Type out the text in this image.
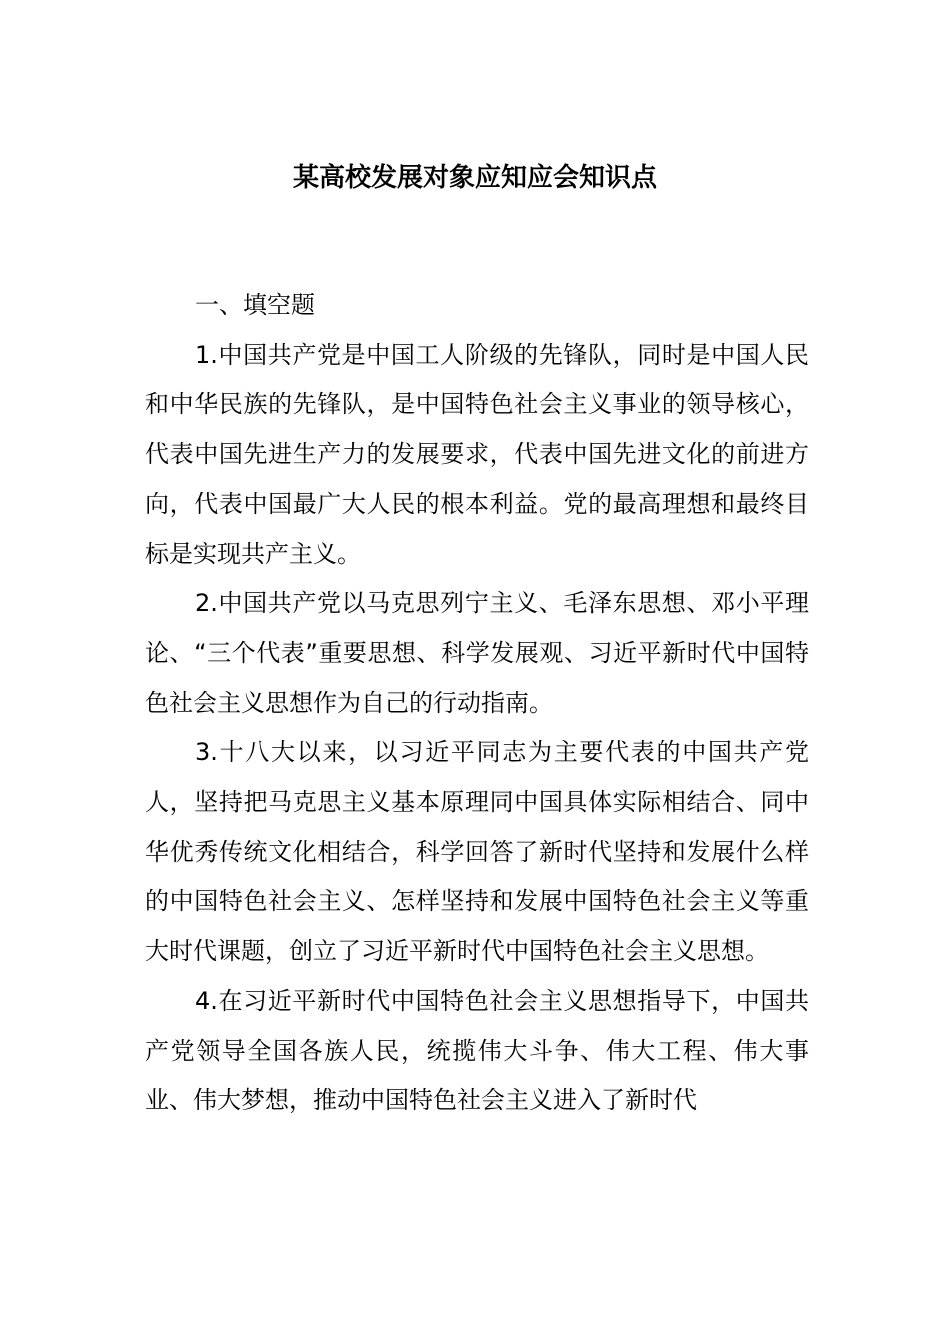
某高校发展对象应知应会知识点
一、填空题

1.中国共产党是中国工人阶级的先锋队，同时是中国人民和中华民族的先锋队，是中国特色社会主义事业的领导核心，代表中国先进生产力的发展要求，代表中国先进文化的前进方向，代表中国最广大人民的根本利益。党的最高理想和最终目标是实现共产主义。

2.中国共产党以马克思列宁主义、毛泽东思想、邓小平理论、“三个代表”重要思想、科学发展观、习近平新时代中国特色社会主义思想作为自己的行动指南。

3.十八大以来，以习近平同志为主要代表的中国共产党人，坚持把马克思主义基本原理同中国具体实际相结合、同中华优秀传统文化相结合，科学回答了新时代坚持和发展什么样的中国特色社会主义、怎样坚持和发展中国特色社会主义等重大时代课题，创立了习近平新时代中国特色社会主义思想。

4.在习近平新时代中国特色社会主义思想指导下，中国共产党领导全国各族人民，统揽伟大斗争、伟大工程、伟大事业、伟大梦想，推动中国特色社会主义进入了新时代
